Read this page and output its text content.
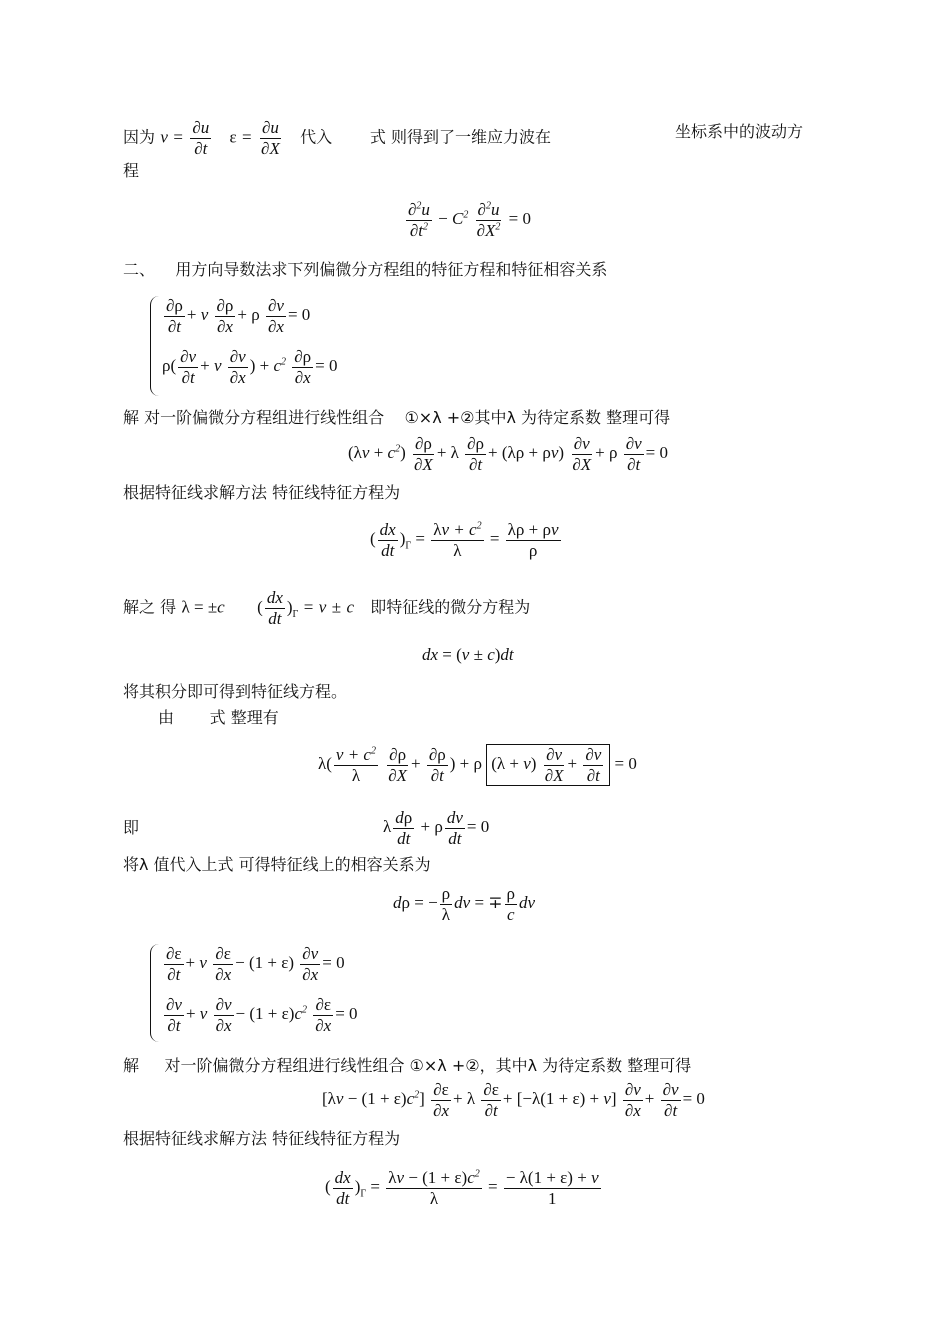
因为 $v = \frac{\partial u}{\partial t}$ $\varepsilon = \frac{\partial u}{\partial X}$ 代入 式 则得到了一维应力波在	坐标系中的波动方
程
$\frac{\partial^2u}{\partial t^2} - C^2 \frac{\partial^2u}{\partial X^2} = 0$
二、 用方向导数法求下列偏微分方程组的特征方程和特征相容关系
$\frac{\partial\rho}{\partial t} + v \frac{\partial\rho}{\partial x} + \rho \frac{\partial v}{\partial x} = 0$
$\rho( \frac{\partial v}{\partial t} + v \frac{\partial v}{\partial x}$ ) + $c^2 \frac{\partial\rho}{\partial x} = 0$
解 对一阶偏微分方程组进行线性组合 ①×λ +②其中λ 为待定系数 整理可得
$(\lambda v + c^2) \frac{\partial\rho}{\partial X} + \lambda \frac{\partial\rho}{\partial t} + (\lambda\rho + \rho v) \frac{\partial v}{\partial X} + \rho \frac{\partial v}{\partial t} = 0$
根据特征线求解方法 特征线特征方程为
( $\frac{dx}{dt} )_\Gamma = \frac{\lambda v + c^2}{\lambda} = \frac{\lambda\rho + \rho v}{\rho}$
解之 得 λ = ±c ( $\frac{dx}{dt} )_\Gamma = v \pm c$ 即特征线的微分方程为
dx = (v ± c)dt
将其积分即可得到特征线方程。
由 式 整理有
$\lambda( \frac{v + c^2}{\lambda}$
$\frac{\partial\rho}{\partial X} + \frac{\partial\rho}{\partial t}$ ) + ρ $(\lambda + v) \frac{\partial v}{\partial X} + \frac{\partial v}{\partial t} = 0$
即	λ $\frac{d\rho}{dt} + \rho \frac{dv}{dt} = 0$
将λ 值代入上式 可得特征线上的相容关系为
dρ = − $\frac{\rho}{\lambda}$ dv = ∓ $\frac{\rho}{c}$ dv
$\frac{\partial\varepsilon}{\partial t} + v \frac{\partial\varepsilon}{\partial x} - (1 + \varepsilon) \frac{\partial v}{\partial x} = 0$
$\frac{\partial v}{\partial t} + v \frac{\partial v}{\partial x} - (1 + \varepsilon)c^2 \frac{\partial\varepsilon}{\partial x} = 0$
解 对一阶偏微分方程组进行线性组合 ①×λ +②，其中λ 为待定系数 整理可得
$[\lambda v - (1 + \varepsilon)c^2] \frac{\partial\varepsilon}{\partial x} + \lambda \frac{\partial\varepsilon}{\partial t} + [-\lambda(1 + \varepsilon) + v] \frac{\partial v}{\partial x} + \frac{\partial v}{\partial t} = 0$
根据特征线求解方法 特征线特征方程为
( $\frac{dx}{dt} )_\Gamma = \frac{\lambda v - (1 + \varepsilon)c^2}{\lambda} = \frac{- \lambda(1 + \varepsilon) + v}{1}$
